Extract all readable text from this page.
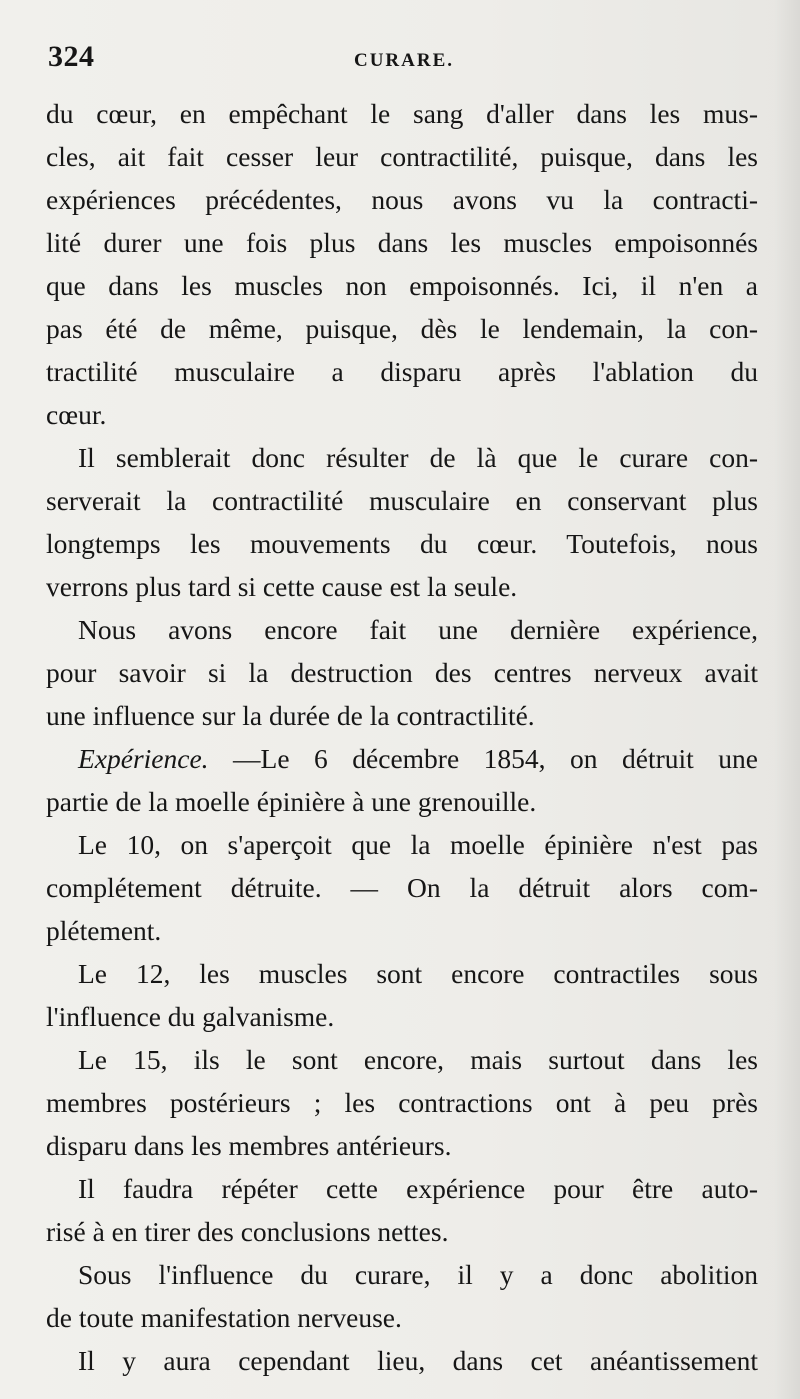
324	CURARE.
du cœur, en empêchant le sang d'aller dans les mus-
cles, ait fait cesser leur contractilité, puisque, dans les
expériences précédentes, nous avons vu la contracti-
lité durer une fois plus dans les muscles empoisonnés
que dans les muscles non empoisonnés. Ici, il n'en a
pas été de même, puisque, dès le lendemain, la con-
tractilité musculaire a disparu après l'ablation du
cœur.
Il semblerait donc résulter de là que le curare con-
serverait la contractilité musculaire en conservant plus
longtemps les mouvements du cœur. Toutefois, nous
verrons plus tard si cette cause est la seule.
Nous avons encore fait une dernière expérience,
pour savoir si la destruction des centres nerveux avait
une influence sur la durée de la contractilité.
Expérience. —Le 6 décembre 1854, on détruit une
partie de la moelle épinière à une grenouille.
Le 10, on s'aperçoit que la moelle épinière n'est pas
complétement détruite. — On la détruit alors com-
plétement.
Le 12, les muscles sont encore contractiles sous
l'influence du galvanisme.
Le 15, ils le sont encore, mais surtout dans les
membres postérieurs ; les contractions ont à peu près
disparu dans les membres antérieurs.
Il faudra répéter cette expérience pour être auto-
risé à en tirer des conclusions nettes.
Sous l'influence du curare, il y a donc abolition
de toute manifestation nerveuse.
Il y aura cependant lieu, dans cet anéantissement
